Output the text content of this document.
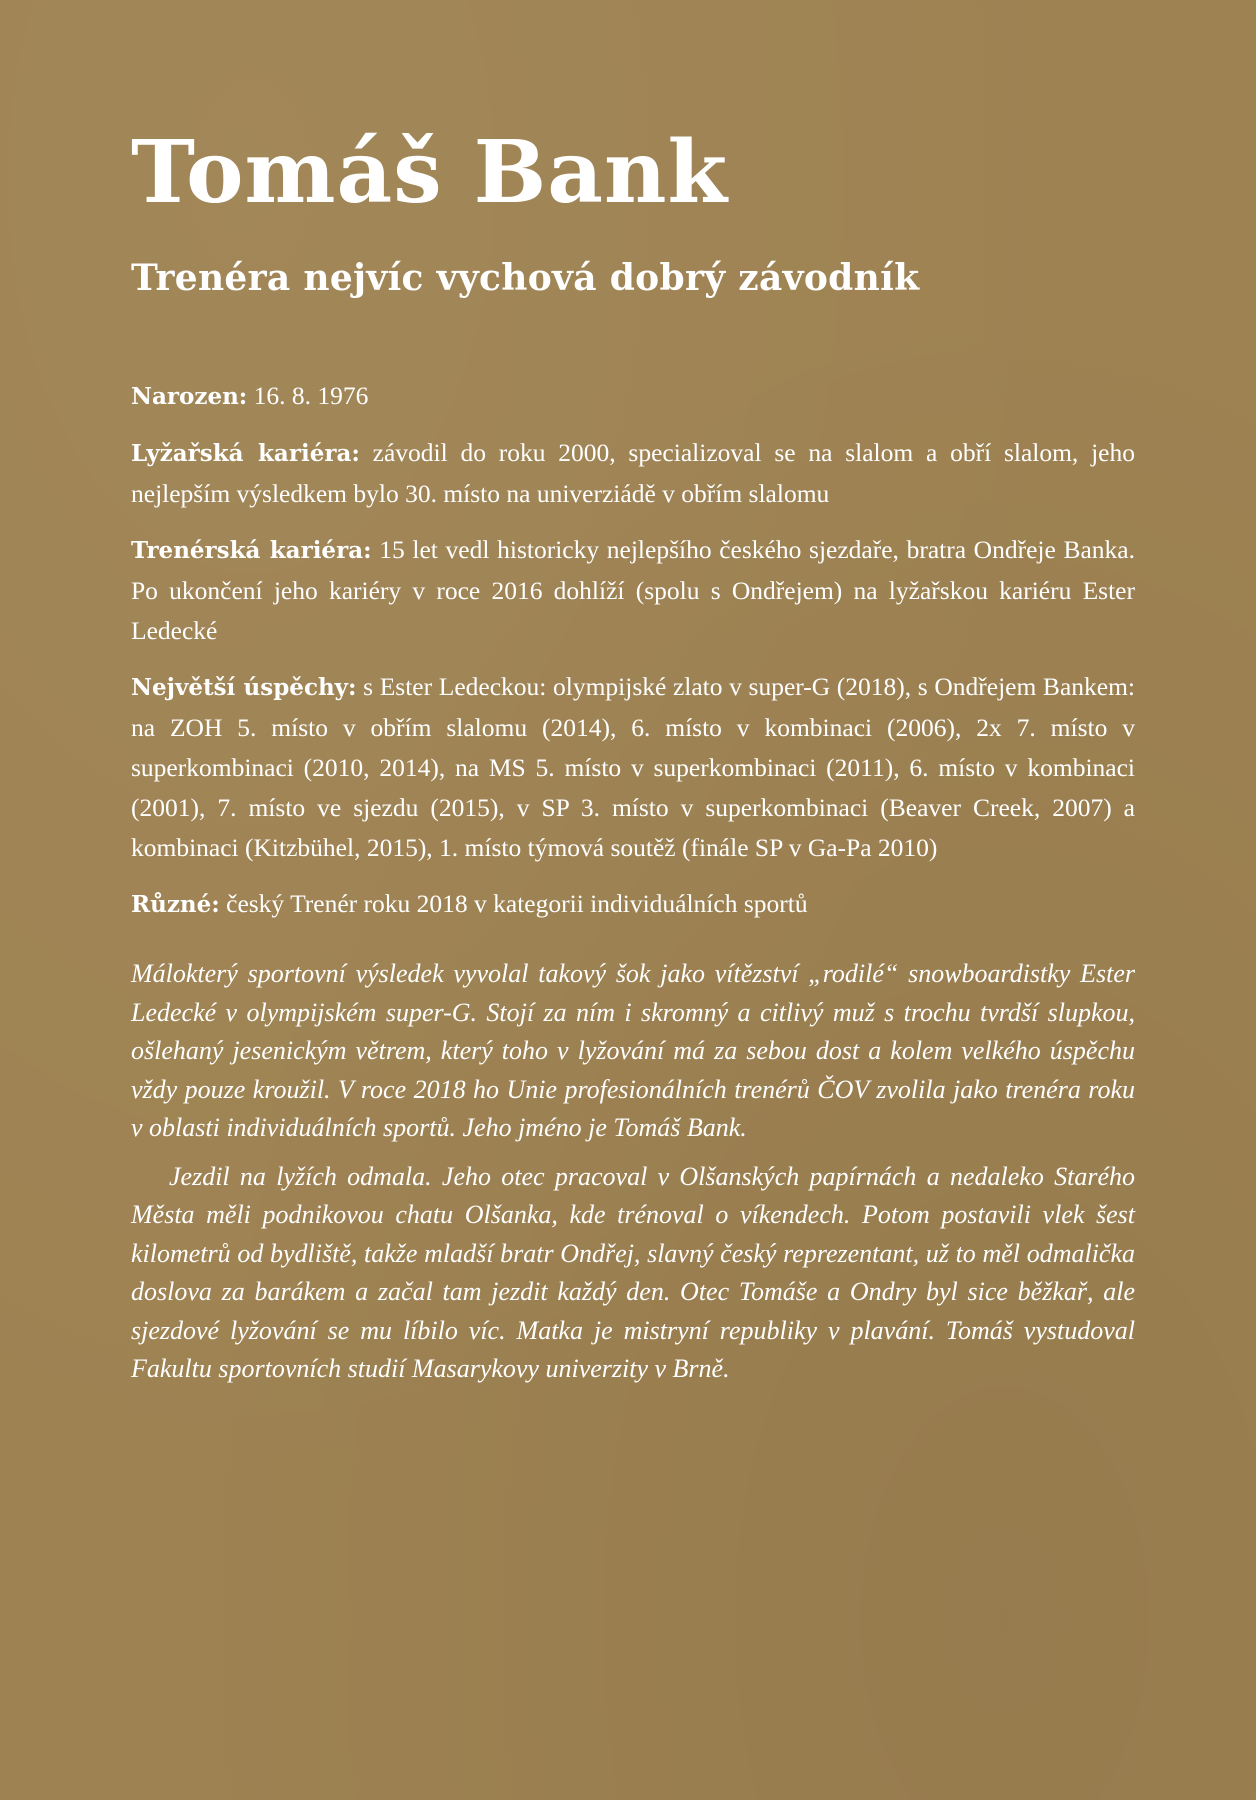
Tomáš Bank
Trenéra nejvíc vychová dobrý závodník

Narozen: 16. 8. 1976

Lyžařská kariéra: závodil do roku 2000, specializoval se na slalom a obří slalom, jeho nejlepším výsledkem bylo 30. místo na univerziádě v obřím slalomu

Trenérská kariéra: 15 let vedl historicky nejlepšího českého sjezdaře, bratra Ondřeje Banka. Po ukončení jeho kariéry v roce 2016 dohlíží (spolu s Ondřejem) na lyžařskou kariéru Ester Ledecké

Největší úspěchy: s Ester Ledeckou: olympijské zlato v super-G (2018), s Ondřejem Bankem: na ZOH 5. místo v obřím slalomu (2014), 6. místo v kombinaci (2006), 2x 7. místo v superkombinaci (2010, 2014), na MS 5. místo v superkombinaci (2011), 6. místo v kombinaci (2001), 7. místo ve sjezdu (2015), v SP 3. místo v superkombinaci (Beaver Creek, 2007) a kombinaci (Kitzbühel, 2015), 1. místo týmová soutěž (finále SP v Ga-Pa 2010)

Různé: český Trenér roku 2018 v kategorii individuálních sportů

Málokterý sportovní výsledek vyvolal takový šok jako vítězství „rodilé“ snowboardistky Ester Ledecké v olympijském super-G. Stojí za ním i skromný a citlivý muž s trochu tvrdší slupkou, ošlehaný jesenickým větrem, který toho v lyžování má za sebou dost a kolem velkého úspěchu vždy pouze kroužil. V roce 2018 ho Unie profesionálních trenérů ČOV zvolila jako trenéra roku v oblasti individuálních sportů. Jeho jméno je Tomáš Bank.

Jezdil na lyžích odmala. Jeho otec pracoval v Olšanských papírnách a nedaleko Starého Města měli podnikovou chatu Olšanka, kde trénoval o víkendech. Potom postavili vlek šest kilometrů od bydliště, takže mladší bratr Ondřej, slavný český reprezentant, už to měl odmalička doslova za barákem a začal tam jezdit každý den. Otec Tomáše a Ondry byl sice běžkař, ale sjezdové lyžování se mu líbilo víc. Matka je mistryní republiky v plavání. Tomáš vystudoval Fakultu sportovních studií Masarykovy univerzity v Brně.
